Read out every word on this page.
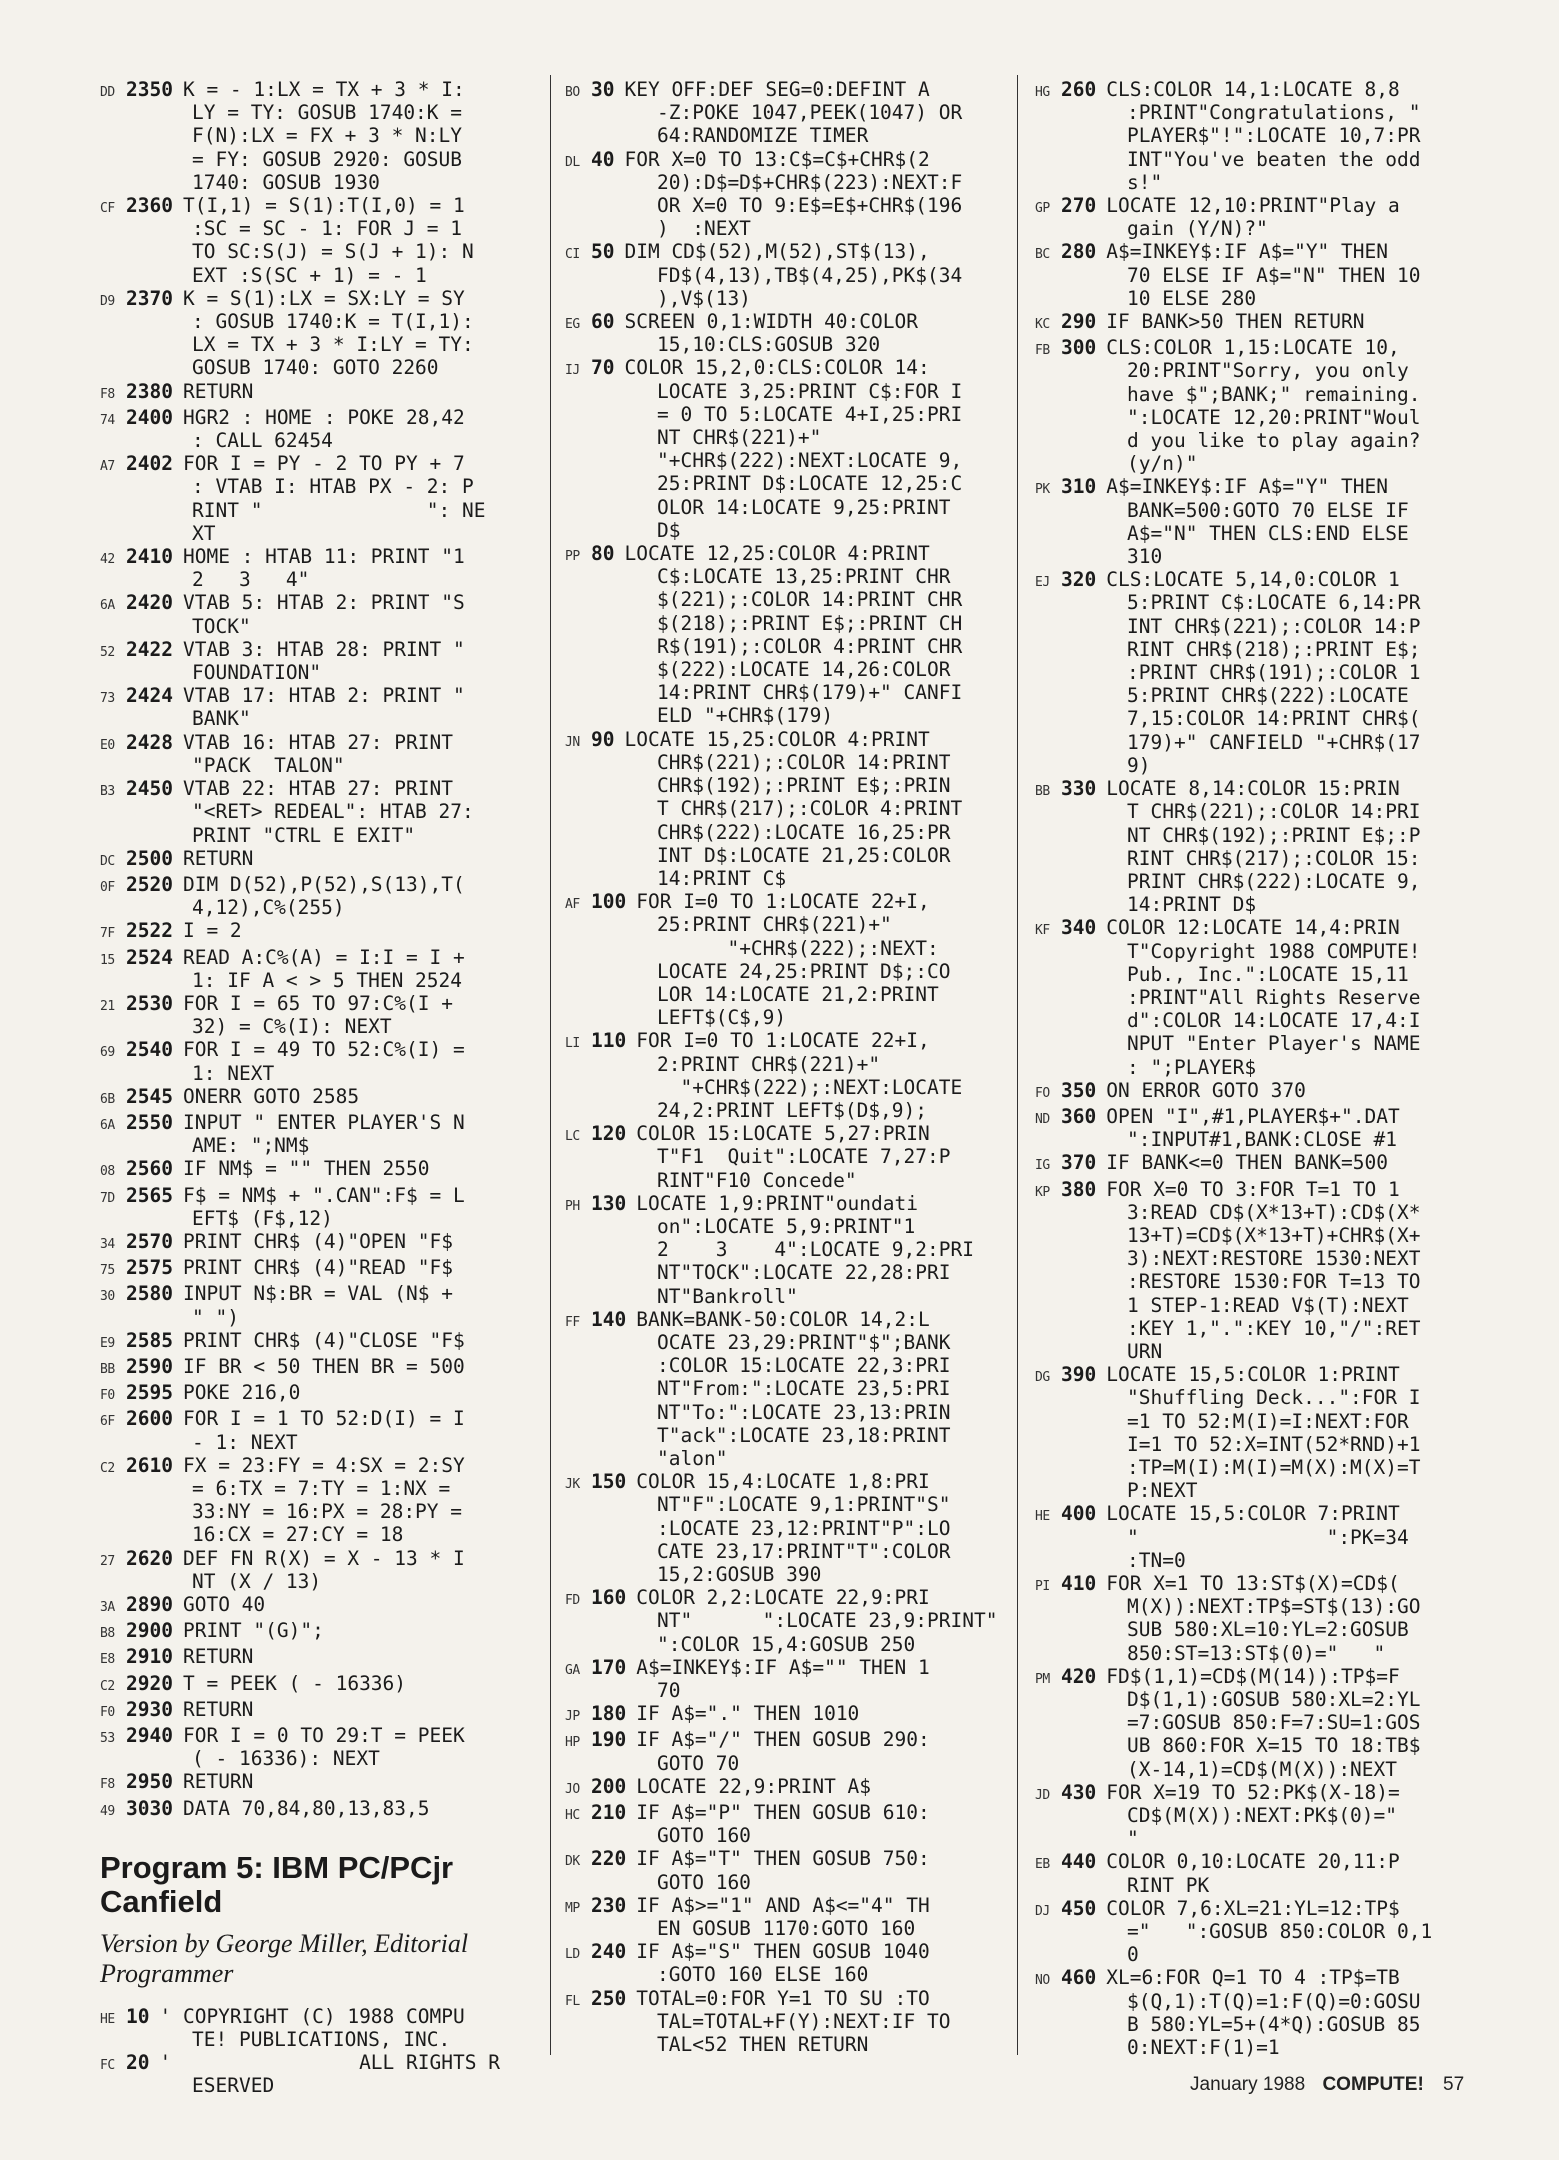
DD 2350 K = - 1:LX = TX + 3 * I:
LY = TY: GOSUB 1740:K =
F(N):LX = FX + 3 * N:LY
= FY: GOSUB 2920: GOSUB
1740: GOSUB 1930
CF 2360 T(I,1) = S(1):T(I,0) = 1
:SC = SC - 1: FOR J = 1
TO SC:S(J) = S(J + 1): N
EXT :S(SC + 1) = - 1
D9 2370 K = S(1):LX = SX:LY = SY
: GOSUB 1740:K = T(I,1):
LX = TX + 3 * I:LY = TY:
GOSUB 1740: GOTO 2260
F8 2380 RETURN
74 2400 HGR2 : HOME : POKE 28,42
: CALL 62454
A7 2402 FOR I = PY - 2 TO PY + 7
: VTAB I: HTAB PX - 2: P
RINT "              ": NE
XT
42 2410 HOME : HTAB 11: PRINT "1
2   3   4"
6A 2420 VTAB 5: HTAB 2: PRINT "S
TOCK"
52 2422 VTAB 3: HTAB 28: PRINT "
FOUNDATION"
73 2424 VTAB 17: HTAB 2: PRINT "
BANK"
E0 2428 VTAB 16: HTAB 27: PRINT
"PACK  TALON"
B3 2450 VTAB 22: HTAB 27: PRINT
"<RET> REDEAL": HTAB 27:
PRINT "CTRL E EXIT"
DC 2500 RETURN
0F 2520 DIM D(52),P(52),S(13),T(
4,12),C%(255)
7F 2522 I = 2
15 2524 READ A:C%(A) = I:I = I +
1: IF A < > 5 THEN 2524
21 2530 FOR I = 65 TO 97:C%(I +
32) = C%(I): NEXT
69 2540 FOR I = 49 TO 52:C%(I) =
1: NEXT
6B 2545 ONERR GOTO 2585
6A 2550 INPUT " ENTER PLAYER'S N
AME: ";NM$
08 2560 IF NM$ = "" THEN 2550
7D 2565 F$ = NM$ + ".CAN":F$ = L
EFT$ (F$,12)
34 2570 PRINT CHR$ (4)"OPEN "F$
75 2575 PRINT CHR$ (4)"READ "F$
30 2580 INPUT N$:BR = VAL (N$ +
" ")
E9 2585 PRINT CHR$ (4)"CLOSE "F$
BB 2590 IF BR < 50 THEN BR = 500
F0 2595 POKE 216,0
6F 2600 FOR I = 1 TO 52:D(I) = I
- 1: NEXT
C2 2610 FX = 23:FY = 4:SX = 2:SY
= 6:TX = 7:TY = 1:NX =
33:NY = 16:PX = 28:PY =
16:CX = 27:CY = 18
27 2620 DEF FN R(X) = X - 13 * I
NT (X / 13)
3A 2890 GOTO 40
B8 2900 PRINT "(G)";
E8 2910 RETURN
C2 2920 T = PEEK ( - 16336)
F0 2930 RETURN
53 2940 FOR I = 0 TO 29:T = PEEK
( - 16336): NEXT
F8 2950 RETURN
49 3030 DATA 70,84,80,13,83,5
Program 5: IBM PC/PCjr
Canfield
Version by George Miller, Editorial
Programmer
HE 10 ' COPYRIGHT (C) 1988 COMPU
TE! PUBLICATIONS, INC.
FC 20 '                ALL RIGHTS R
ESERVED
BO 30 KEY OFF:DEF SEG=0:DEFINT A
-Z:POKE 1047,PEEK(1047) OR
64:RANDOMIZE TIMER
DL 40 FOR X=0 TO 13:C$=C$+CHR$(2
20):D$=D$+CHR$(223):NEXT:F
OR X=0 TO 9:E$=E$+CHR$(196
)  :NEXT
CI 50 DIM CD$(52),M(52),ST$(13),
FD$(4,13),TB$(4,25),PK$(34
),V$(13)
EG 60 SCREEN 0,1:WIDTH 40:COLOR
15,10:CLS:GOSUB 320
IJ 70 COLOR 15,2,0:CLS:COLOR 14:
LOCATE 3,25:PRINT C$:FOR I
= 0 TO 5:LOCATE 4+I,25:PRI
NT CHR$(221)+"
"+CHR$(222):NEXT:LOCATE 9,
25:PRINT D$:LOCATE 12,25:C
OLOR 14:LOCATE 9,25:PRINT
D$
PP 80 LOCATE 12,25:COLOR 4:PRINT
C$:LOCATE 13,25:PRINT CHR
$(221);:COLOR 14:PRINT CHR
$(218);:PRINT E$;:PRINT CH
R$(191);:COLOR 4:PRINT CHR
$(222):LOCATE 14,26:COLOR
14:PRINT CHR$(179)+" CANFI
ELD "+CHR$(179)
JN 90 LOCATE 15,25:COLOR 4:PRINT
CHR$(221);:COLOR 14:PRINT
CHR$(192);:PRINT E$;:PRIN
T CHR$(217);:COLOR 4:PRINT
CHR$(222):LOCATE 16,25:PR
INT D$:LOCATE 21,25:COLOR
14:PRINT C$
AF 100 FOR I=0 TO 1:LOCATE 22+I,
25:PRINT CHR$(221)+"
"+CHR$(222);:NEXT:
LOCATE 24,25:PRINT D$;:CO
LOR 14:LOCATE 21,2:PRINT
LEFT$(C$,9)
LI 110 FOR I=0 TO 1:LOCATE 22+I,
2:PRINT CHR$(221)+"
"+CHR$(222);:NEXT:LOCATE
24,2:PRINT LEFT$(D$,9);
LC 120 COLOR 15:LOCATE 5,27:PRIN
T"F1  Quit":LOCATE 7,27:P
RINT"F10 Concede"
PH 130 LOCATE 1,9:PRINT"oundati
on":LOCATE 5,9:PRINT"1
2    3    4":LOCATE 9,2:PRI
NT"TOCK":LOCATE 22,28:PRI
NT"Bankroll"
FF 140 BANK=BANK-50:COLOR 14,2:L
OCATE 23,29:PRINT"$";BANK
:COLOR 15:LOCATE 22,3:PRI
NT"From:":LOCATE 23,5:PRI
NT"To:":LOCATE 23,13:PRIN
T"ack":LOCATE 23,18:PRINT
"alon"
JK 150 COLOR 15,4:LOCATE 1,8:PRI
NT"F":LOCATE 9,1:PRINT"S"
:LOCATE 23,12:PRINT"P":LO
CATE 23,17:PRINT"T":COLOR
15,2:GOSUB 390
FD 160 COLOR 2,2:LOCATE 22,9:PRI
NT"      ":LOCATE 23,9:PRINT"
":COLOR 15,4:GOSUB 250
GA 170 A$=INKEY$:IF A$="" THEN 1
70
JP 180 IF A$="." THEN 1010
HP 190 IF A$="/" THEN GOSUB 290:
GOTO 70
JO 200 LOCATE 22,9:PRINT A$
HC 210 IF A$="P" THEN GOSUB 610:
GOTO 160
DK 220 IF A$="T" THEN GOSUB 750:
GOTO 160
MP 230 IF A$>="1" AND A$<="4" TH
EN GOSUB 1170:GOTO 160
LD 240 IF A$="S" THEN GOSUB 1040
:GOTO 160 ELSE 160
FL 250 TOTAL=0:FOR Y=1 TO SU :TO
TAL=TOTAL+F(Y):NEXT:IF TO
TAL<52 THEN RETURN
HG 260 CLS:COLOR 14,1:LOCATE 8,8
:PRINT"Congratulations, "
PLAYER$"!":LOCATE 10,7:PR
INT"You've beaten the odd
s!"
GP 270 LOCATE 12,10:PRINT"Play a
gain (Y/N)?"
BC 280 A$=INKEY$:IF A$="Y" THEN
70 ELSE IF A$="N" THEN 10
10 ELSE 280
KC 290 IF BANK>50 THEN RETURN
FB 300 CLS:COLOR 1,15:LOCATE 10,
20:PRINT"Sorry, you only
have $";BANK;" remaining.
":LOCATE 12,20:PRINT"Woul
d you like to play again?
(y/n)"
PK 310 A$=INKEY$:IF A$="Y" THEN
BANK=500:GOTO 70 ELSE IF
A$="N" THEN CLS:END ELSE
310
EJ 320 CLS:LOCATE 5,14,0:COLOR 1
5:PRINT C$:LOCATE 6,14:PR
INT CHR$(221);:COLOR 14:P
RINT CHR$(218);:PRINT E$;
:PRINT CHR$(191);:COLOR 1
5:PRINT CHR$(222):LOCATE
7,15:COLOR 14:PRINT CHR$(
179)+" CANFIELD "+CHR$(17
9)
BB 330 LOCATE 8,14:COLOR 15:PRIN
T CHR$(221);:COLOR 14:PRI
NT CHR$(192);:PRINT E$;:P
RINT CHR$(217);:COLOR 15:
PRINT CHR$(222):LOCATE 9,
14:PRINT D$
KF 340 COLOR 12:LOCATE 14,4:PRIN
T"Copyright 1988 COMPUTE!
Pub., Inc.":LOCATE 15,11
:PRINT"All Rights Reserve
d":COLOR 14:LOCATE 17,4:I
NPUT "Enter Player's NAME
: ";PLAYER$
FO 350 ON ERROR GOTO 370
ND 360 OPEN "I",#1,PLAYER$+".DAT
":INPUT#1,BANK:CLOSE #1
IG 370 IF BANK<=0 THEN BANK=500
KP 380 FOR X=0 TO 3:FOR T=1 TO 1
3:READ CD$(X*13+T):CD$(X*
13+T)=CD$(X*13+T)+CHR$(X+
3):NEXT:RESTORE 1530:NEXT
:RESTORE 1530:FOR T=13 TO
1 STEP-1:READ V$(T):NEXT
:KEY 1,".":KEY 10,"/":RET
URN
DG 390 LOCATE 15,5:COLOR 1:PRINT
"Shuffling Deck...":FOR I
=1 TO 52:M(I)=I:NEXT:FOR
I=1 TO 52:X=INT(52*RND)+1
:TP=M(I):M(I)=M(X):M(X)=T
P:NEXT
HE 400 LOCATE 15,5:COLOR 7:PRINT
"                ":PK=34
:TN=0
PI 410 FOR X=1 TO 13:ST$(X)=CD$(
M(X)):NEXT:TP$=ST$(13):GO
SUB 580:XL=10:YL=2:GOSUB
850:ST=13:ST$(0)="   "
PM 420 FD$(1,1)=CD$(M(14)):TP$=F
D$(1,1):GOSUB 580:XL=2:YL
=7:GOSUB 850:F=7:SU=1:GOS
UB 860:FOR X=15 TO 18:TB$
(X-14,1)=CD$(M(X)):NEXT
JD 430 FOR X=19 TO 52:PK$(X-18)=
CD$(M(X)):NEXT:PK$(0)="
"
EB 440 COLOR 0,10:LOCATE 20,11:P
RINT PK
DJ 450 COLOR 7,6:XL=21:YL=12:TP$
="   ":GOSUB 850:COLOR 0,1
0
NO 460 XL=6:FOR Q=1 TO 4 :TP$=TB
$(Q,1):T(Q)=1:F(Q)=0:GOSU
B 580:YL=5+(4*Q):GOSUB 85
0:NEXT:F(1)=1
January 1988 COMPUTE! 57
